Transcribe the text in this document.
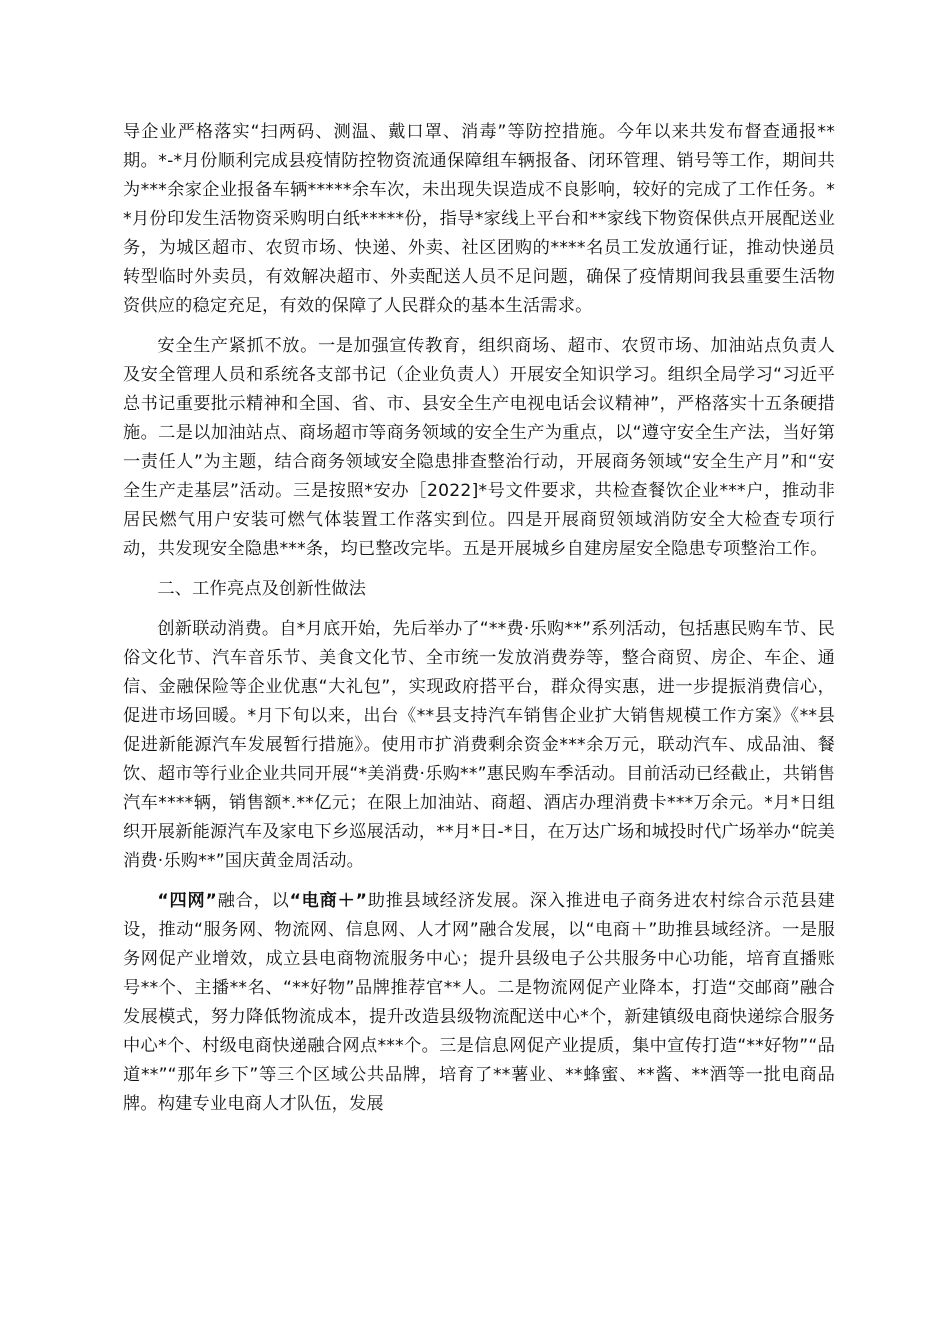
导企业严格落实“扫两码、测温、戴口罩、消毒”等防控措施。今年以来共发布督查通报**期。*-*月份顺利完成县疫情防控物资流通保障组车辆报备、闭环管理、销号等工作，期间共为***余家企业报备车辆*****余车次，未出现失误造成不良影响，较好的完成了工作任务。**月份印发生活物资采购明白纸*****份，指导*家线上平台和**家线下物资保供点开展配送业务，为城区超市、农贸市场、快递、外卖、社区团购的****名员工发放通行证，推动快递员转型临时外卖员，有效解决超市、外卖配送人员不足问题，确保了疫情期间我县重要生活物资供应的稳定充足，有效的保障了人民群众的基本生活需求。

安全生产紧抓不放。一是加强宣传教育，组织商场、超市、农贸市场、加油站点负责人及安全管理人员和系统各支部书记（企业负责人）开展安全知识学习。组织全局学习“习近平总书记重要批示精神和全国、省、市、县安全生产电视电话会议精神”，严格落实十五条硬措施。二是以加油站点、商场超市等商务领域的安全生产为重点，以“遵守安全生产法，当好第一责任人”为主题，结合商务领域安全隐患排查整治行动，开展商务领域“安全生产月”和“安全生产走基层”活动。三是按照*安办［2022]*号文件要求，共检查餐饮企业***户，推动非居民燃气用户安装可燃气体装置工作落实到位。四是开展商贸领域消防安全大检查专项行动，共发现安全隐患***条，均已整改完毕。五是开展城乡自建房屋安全隐患专项整治工作。

二、工作亮点及创新性做法

创新联动消费。自*月底开始，先后举办了“**费·乐购**”系列活动，包括惠民购车节、民俗文化节、汽车音乐节、美食文化节、全市统一发放消费券等，整合商贸、房企、车企、通信、金融保险等企业优惠“大礼包”，实现政府搭平台，群众得实惠，进一步提振消费信心，促进市场回暖。*月下旬以来，出台《**县支持汽车销售企业扩大销售规模工作方案》《**县促进新能源汽车发展暂行措施》。使用市扩消费剩余资金***余万元，联动汽车、成品油、餐饮、超市等行业企业共同开展“*美消费·乐购**”惠民购车季活动。目前活动已经截止，共销售汽车****辆，销售额*.**亿元；在限上加油站、商超、酒店办理消费卡***万余元。*月*日组织开展新能源汽车及家电下乡巡展活动，**月*日-*日，在万达广场和城投时代广场举办“皖美消费·乐购**”国庆黄金周活动。

“四网”融合，以“电商＋”助推县域经济发展。深入推进电子商务进农村综合示范县建设，推动“服务网、物流网、信息网、人才网”融合发展，以“电商＋”助推县域经济。一是服务网促产业增效，成立县电商物流服务中心；提升县级电子公共服务中心功能，培育直播账号**个、主播**名、“**好物”品牌推荐官**人。二是物流网促产业降本，打造“交邮商”融合发展模式，努力降低物流成本，提升改造县级物流配送中心*个，新建镇级电商快递综合服务中心*个、村级电商快递融合网点***个。三是信息网促产业提质，集中宣传打造“**好物”“品道**”“那年乡下”等三个区域公共品牌，培育了**薯业、**蜂蜜、**酱、**酒等一批电商品牌。构建专业电商人才队伍，发展
